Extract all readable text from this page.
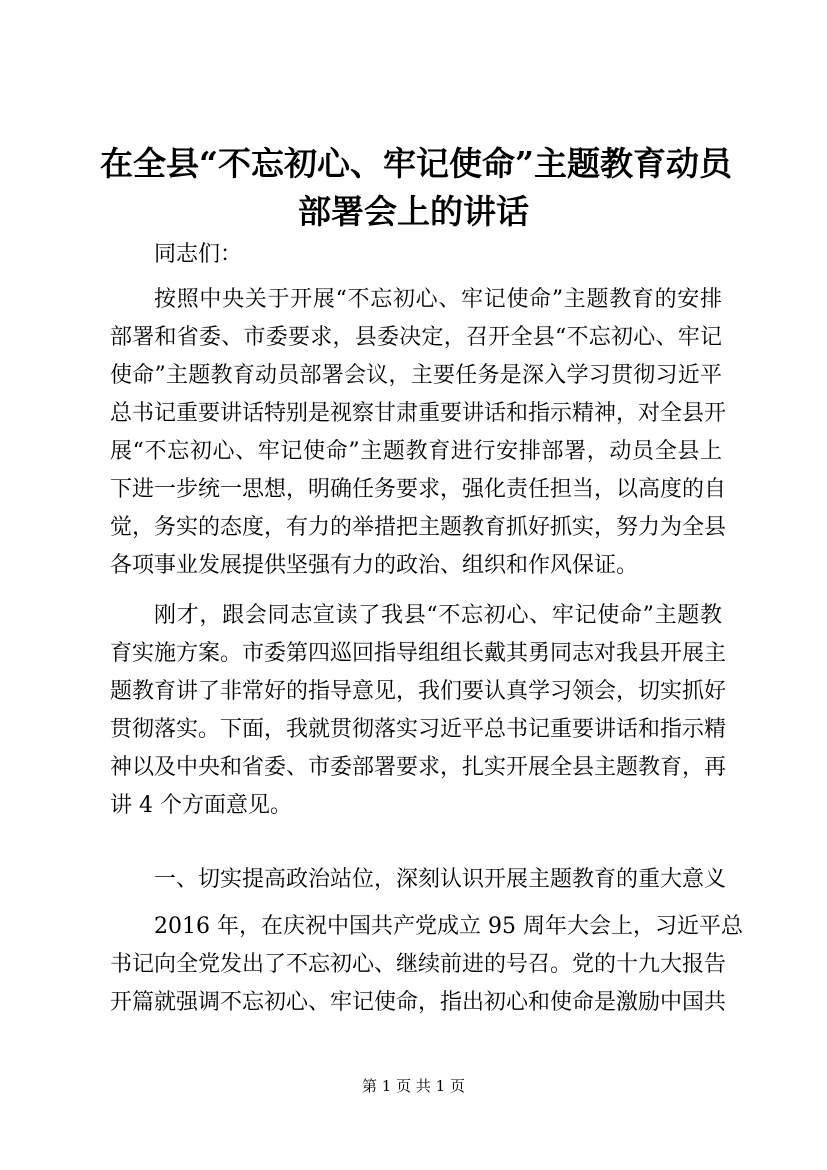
在全县“不忘初心、牢记使命”主题教育动员
部署会上的讲话

同志们：

按照中央关于开展“不忘初心、牢记使命”主题教育的安排

部署和省委、市委要求，县委决定，召开全县“不忘初心、牢记

使命”主题教育动员部署会议，主要任务是深入学习贯彻习近平

总书记重要讲话特别是视察甘肃重要讲话和指示精神，对全县开

展“不忘初心、牢记使命”主题教育进行安排部署，动员全县上

下进一步统一思想，明确任务要求，强化责任担当，以高度的自

觉，务实的态度，有力的举措把主题教育抓好抓实，努力为全县

各项事业发展提供坚强有力的政治、组织和作风保证。

刚才，跟会同志宣读了我县“不忘初心、牢记使命”主题教

育实施方案。市委第四巡回指导组组长戴其勇同志对我县开展主

题教育讲了非常好的指导意见，我们要认真学习领会，切实抓好

贯彻落实。下面，我就贯彻落实习近平总书记重要讲话和指示精

神以及中央和省委、市委部署要求，扎实开展全县主题教育，再

讲 4 个方面意见。

一、切实提高政治站位，深刻认识开展主题教育的重大意义

2016 年，在庆祝中国共产党成立 95 周年大会上，习近平总

书记向全党发出了不忘初心、继续前进的号召。党的十九大报告

开篇就强调不忘初心、牢记使命，指出初心和使命是激励中国共

第 1 页 共 1 页
